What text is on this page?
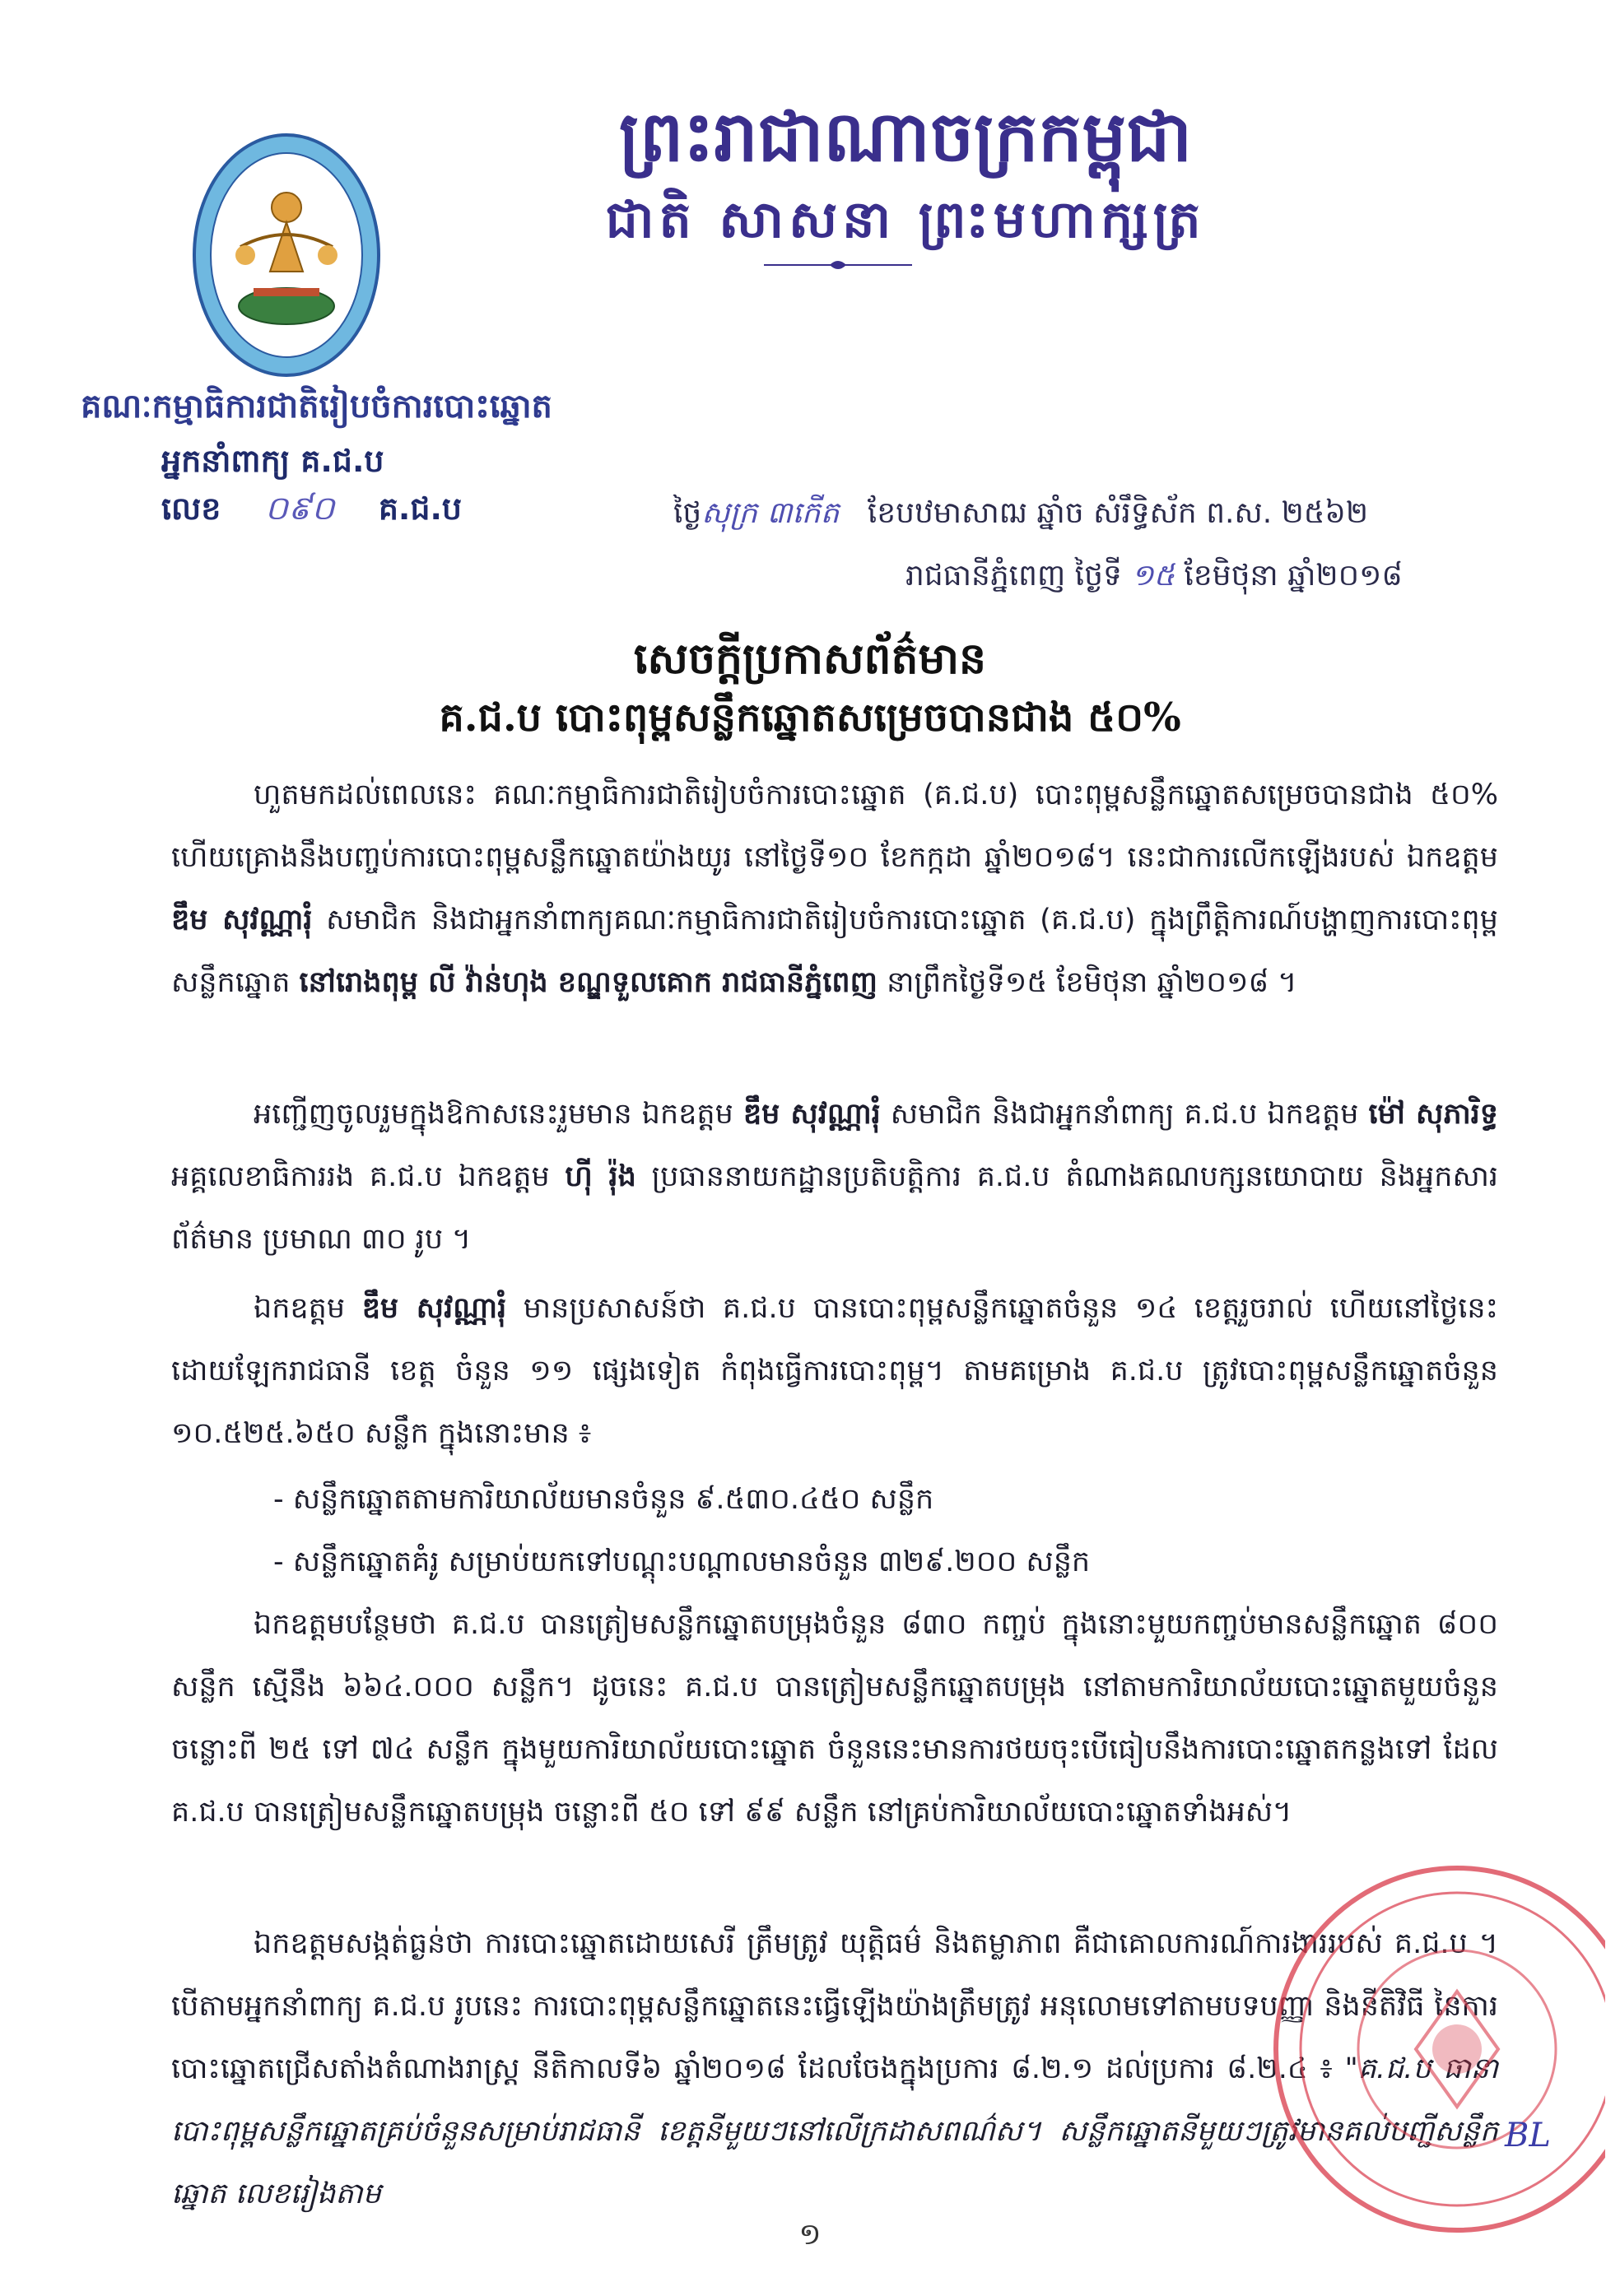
ព្រះរាជាណាចក្រកម្ពុជា
ជាតិ សាសនា ព្រះមហាក្សត្រ
គណៈកម្មាធិការជាតិរៀបចំការបោះឆ្នោត
អ្នកនាំពាក្យ គ.ជ.ប
លេខ ០៩០ គ.ជ.ប	ថ្ងៃសុក្រ ៣កើត ខែបឋមាសាឍ ឆ្នាំច សំរឹទ្ធិស័ក ព.ស. ២៥៦២
រាជធានីភ្នំពេញ ថ្ងៃទី ១៥ ខែមិថុនា ឆ្នាំ២០១៨
សេចក្តីប្រកាសព័ត៌មាន
គ.ជ.ប បោះពុម្ពសន្លឹកឆ្នោតសម្រេចបានជាង ៥០%
ហួតមកដល់ពេលនេះ គណៈកម្មាធិការជាតិរៀបចំការបោះឆ្នោត (គ.ជ.ប) បោះពុម្ពសន្លឹកឆ្នោតសម្រេចបានជាង ៥០% ហើយគ្រោងនឹងបញ្ចប់ការបោះពុម្ពសន្លឹកឆ្នោតយ៉ាងយូរ នៅថ្ងៃទី១០ ខែកក្កដា ឆ្នាំ២០១៨។ នេះជាការលើកឡើងរបស់ ឯកឧត្តម ឌឹម សុវណ្ណារុំ សមាជិក និងជាអ្នកនាំពាក្យគណៈកម្មាធិការជាតិរៀបចំការបោះឆ្នោត (គ.ជ.ប) ក្នុងព្រឹត្តិការណ៍បង្ហាញការបោះពុម្ពសន្លឹកឆ្នោត នៅរោងពុម្ព លី វ៉ាន់ហុង ខណ្ឌទួលគោក រាជធានីភ្នំពេញ នាព្រឹកថ្ងៃទី១៥ ខែមិថុនា ឆ្នាំ២០១៨ ។
អញ្ជើញចូលរួមក្នុងឱកាសនេះរួមមាន ឯកឧត្តម ឌឹម សុវណ្ណារុំ សមាជិក និងជាអ្នកនាំពាក្យ គ.ជ.ប ឯកឧត្តម ម៉ៅ សុភារិទ្ធ អគ្គលេខាធិការរង គ.ជ.ប ឯកឧត្តម ហ៊ី រ៉ុង ប្រធាននាយកដ្ឋានប្រតិបត្តិការ គ.ជ.ប តំណាងគណបក្សនយោបាយ និងអ្នកសារព័ត៌មាន ប្រមាណ ៣០ រូប ។
ឯកឧត្តម ឌឹម សុវណ្ណារុំ មានប្រសាសន៍ថា គ.ជ.ប បានបោះពុម្ពសន្លឹកឆ្នោតចំនួន ១៤ ខេត្តរួចរាល់ ហើយនៅថ្ងៃនេះ ដោយឡែករាជធានី ខេត្ត ចំនួន ១១ ផ្សេងទៀត កំពុងធ្វើការបោះពុម្ព។ តាមគម្រោង គ.ជ.ប ត្រូវបោះពុម្ពសន្លឹកឆ្នោតចំនួន ១០.៥២៥.៦៥០ សន្លឹក ក្នុងនោះមាន ៖
- សន្លឹកឆ្នោតតាមការិយាល័យមានចំនួន ៩.៥៣០.៤៥០ សន្លឹក
- សន្លឹកឆ្នោតគំរូ សម្រាប់យកទៅបណ្តុះបណ្តាលមានចំនួន ៣២៩.២០០ សន្លឹក
ឯកឧត្តមបន្ថែមថា គ.ជ.ប បានត្រៀមសន្លឹកឆ្នោតបម្រុងចំនួន ៨៣០ កញ្ចប់ ក្នុងនោះមួយកញ្ចប់មានសន្លឹកឆ្នោត ៨០០ សន្លឹក ស្មើនឹង ៦៦៤.០០០ សន្លឹក។ ដូចនេះ គ.ជ.ប បានត្រៀមសន្លឹកឆ្នោតបម្រុង នៅតាមការិយាល័យបោះឆ្នោតមួយចំនួន ចន្លោះពី ២៥ ទៅ ៧៤ សន្លឹក ក្នុងមួយការិយាល័យបោះឆ្នោត ចំនួននេះមានការថយចុះបើធៀបនឹងការបោះឆ្នោតកន្លងទៅ ដែល គ.ជ.ប បានត្រៀមសន្លឹកឆ្នោតបម្រុង ចន្លោះពី ៥០ ទៅ ៩៩ សន្លឹក នៅគ្រប់ការិយាល័យបោះឆ្នោតទាំងអស់។
ឯកឧត្តមសង្កត់ធ្ងន់ថា ការបោះឆ្នោតដោយសេរី ត្រឹមត្រូវ យុត្តិធម៌ និងតម្លាភាព គឺជាគោលការណ៍ការងាររបស់ គ.ជ.ប ។ បើតាមអ្នកនាំពាក្យ គ.ជ.ប រូបនេះ ការបោះពុម្ពសន្លឹកឆ្នោតនេះធ្វើឡើងយ៉ាងត្រឹមត្រូវ អនុលោមទៅតាមបទបញ្ញា និងនីតិវិធី នៃការបោះឆ្នោតជ្រើសតាំងតំណាងរាស្ត្រ នីតិកាលទី៦ ឆ្នាំ២០១៨ ដែលចែងក្នុងប្រការ ៨.២.១ ដល់ប្រការ ៨.២.៤ ៖ "គ.ជ.ប ធានាបោះពុម្ពសន្លឹកឆ្នោតគ្រប់ចំនួនសម្រាប់រាជធានី ខេត្តនីមួយៗនៅលើក្រដាសពណ៌ស។ សន្លឹកឆ្នោតនីមួយៗត្រូវមានគល់បញ្ជីសន្លឹកឆ្នោត លេខរៀងតាម
BL
១
